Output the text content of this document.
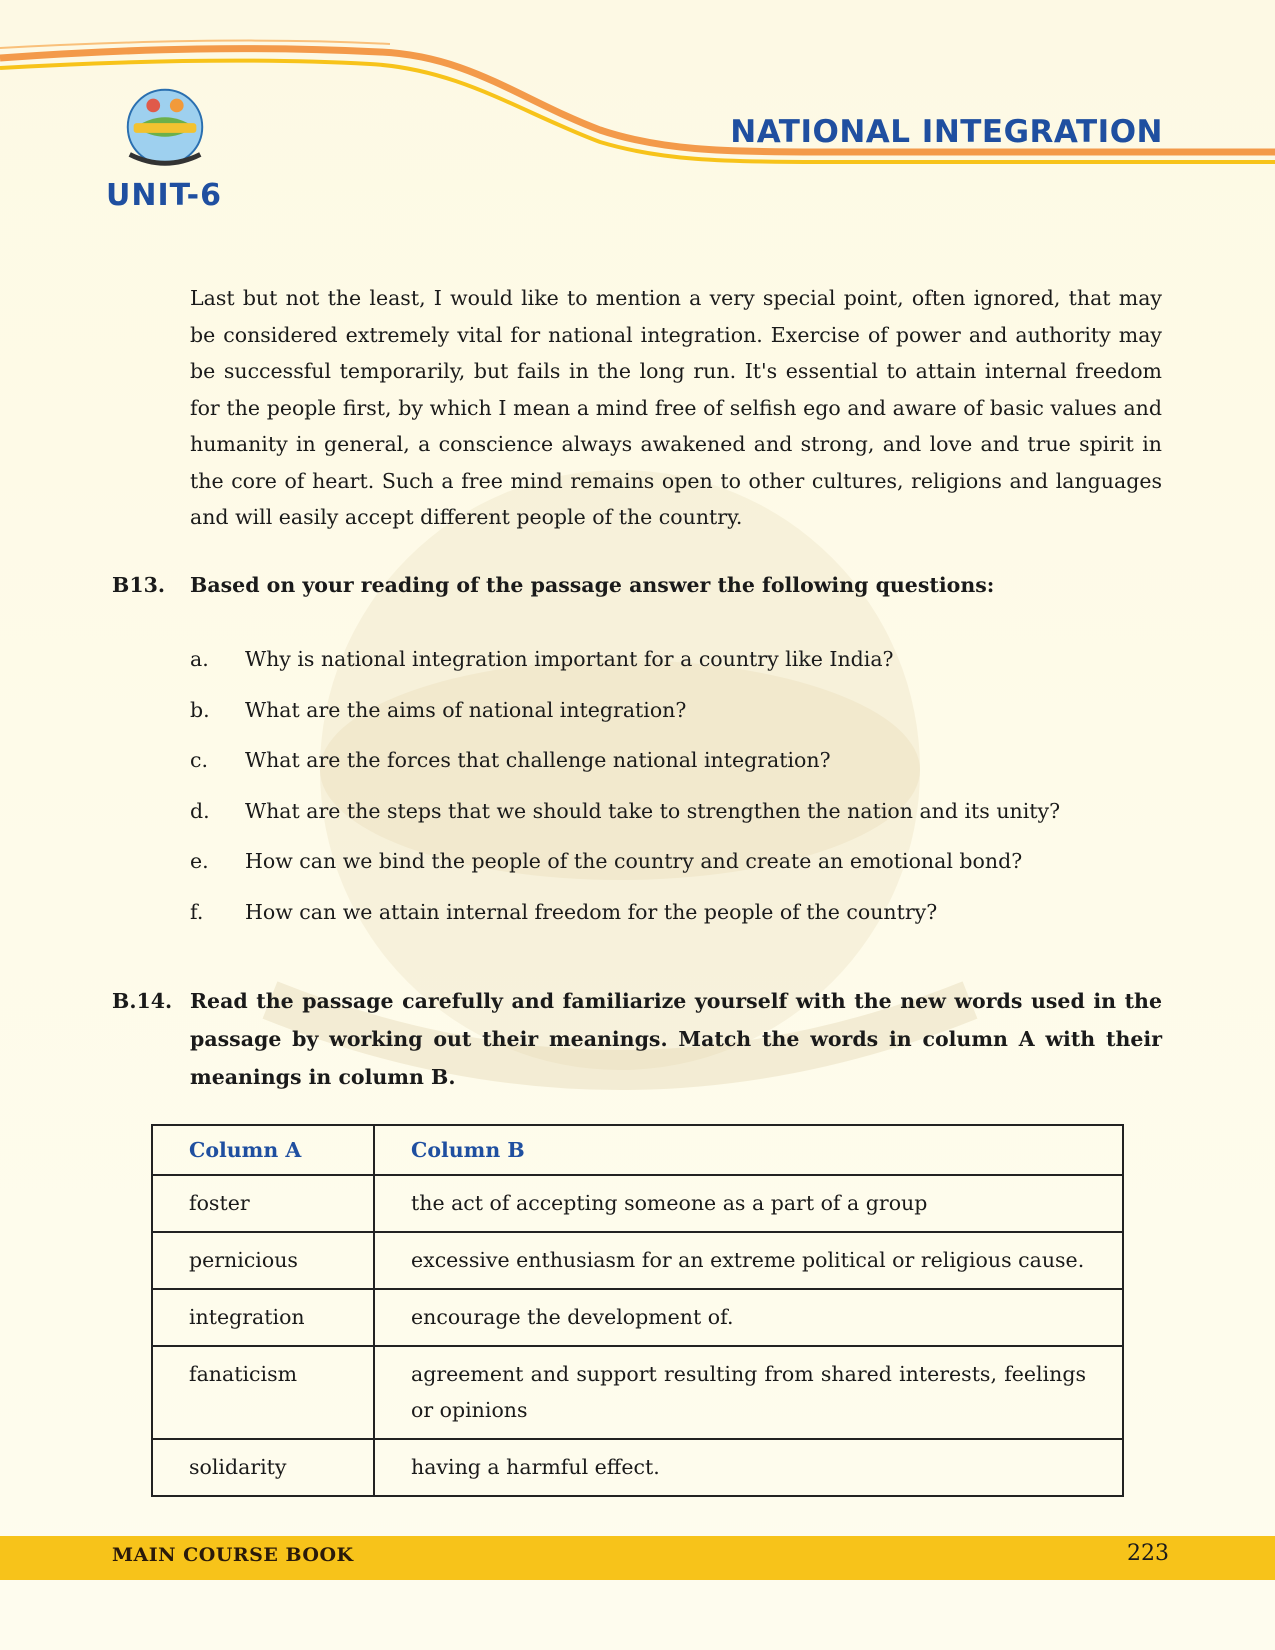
UNIT-6
NATIONAL INTEGRATION

Last but not the least, I would like to mention a very special point, often ignored, that may be considered extremely vital for national integration. Exercise of power and authority may be successful temporarily, but fails in the long run. It's essential to attain internal freedom for the people first, by which I mean a mind free of selfish ego and aware of basic values and humanity in general, a conscience always awakened and strong, and love and true spirit in the core of heart. Such a free mind remains open to other cultures, religions and languages and will easily accept different people of the country.

B13. Based on your reading of the passage answer the following questions:
a. Why is national integration important for a country like India?
b. What are the aims of national integration?
c. What are the forces that challenge national integration?
d. What are the steps that we should take to strengthen the nation and its unity?
e. How can we bind the people of the country and create an emotional bond?
f. How can we attain internal freedom for the people of the country?
B.14. Read the passage carefully and familiarize yourself with the new words used in the passage by working out their meanings. Match the words in column A with their meanings in column B.
Column A	Column B
foster	the act of accepting someone as a part of a group
pernicious	excessive enthusiasm for an extreme political or religious cause.
integration	encourage the development of.
fanaticism	agreement and support resulting from shared interests, feelings or opinions
solidarity	having a harmful effect.
MAIN COURSE BOOK	223
